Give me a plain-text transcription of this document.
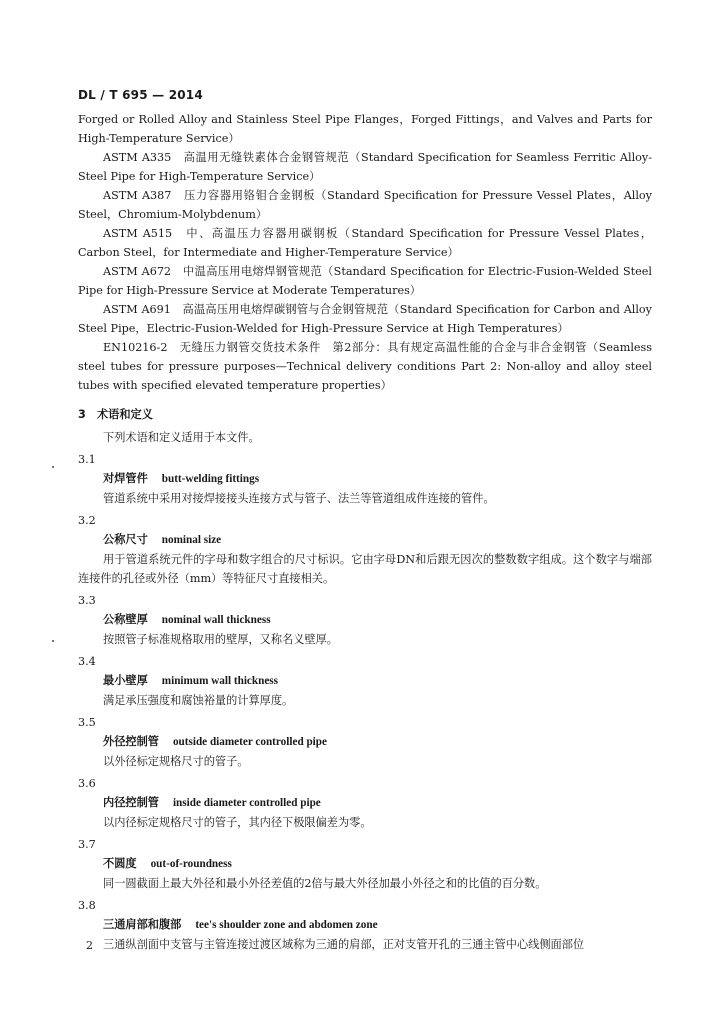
DL / T 695 — 2014

Forged or Rolled Alloy and Stainless Steel Pipe Flanges，Forged Fittings，and Valves and Parts for High-Temperature Service）

ASTM A335　高温用无缝铁素体合金钢管规范（Standard Specification for Seamless Ferritic Alloy-Steel Pipe for High-Temperature Service）

ASTM A387　压力容器用铬钼合金钢板（Standard Specification for Pressure Vessel Plates，Alloy Steel，Chromium-Molybdenum）

ASTM A515　中、高温压力容器用碳钢板（Standard Specification for Pressure Vessel Plates，Carbon Steel，for Intermediate and Higher-Temperature Service）

ASTM A672　中温高压用电熔焊钢管规范（Standard Specification for Electric-Fusion-Welded Steel Pipe for High-Pressure Service at Moderate Temperatures）

ASTM A691　高温高压用电熔焊碳钢管与合金钢管规范（Standard Specification for Carbon and Alloy Steel Pipe，Electric-Fusion-Welded for High-Pressure Service at High Temperatures）

EN10216-2　无缝压力钢管交货技术条件　第2部分：具有规定高温性能的合金与非合金钢管（Seamless steel tubes for pressure purposes—Technical delivery conditions Part 2: Non-alloy and alloy steel tubes with specified elevated temperature properties）

3　术语和定义

下列术语和定义适用于本文件。

3.1

对焊管件 butt-welding fittings

管道系统中采用对接焊接接头连接方式与管子、法兰等管道组成件连接的管件。

3.2

公称尺寸 nominal size

用于管道系统元件的字母和数字组合的尺寸标识。它由字母DN和后跟无因次的整数数字组成。这个数字与端部连接件的孔径或外径（mm）等特征尺寸直接相关。

3.3

公称壁厚 nominal wall thickness

按照管子标准规格取用的壁厚，又称名义壁厚。

3.4

最小壁厚 minimum wall thickness

满足承压强度和腐蚀裕量的计算厚度。

3.5

外径控制管 outside diameter controlled pipe

以外径标定规格尺寸的管子。

3.6

内径控制管 inside diameter controlled pipe

以内径标定规格尺寸的管子，其内径下极限偏差为零。

3.7

不圆度 out-of-roundness

同一圆截面上最大外径和最小外径差值的2倍与最大外径加最小外径之和的比值的百分数。

3.8

三通肩部和腹部 tee's shoulder zone and abdomen zone

三通纵剖面中支管与主管连接过渡区域称为三通的肩部，正对支管开孔的三通主管中心线侧面部位

2
